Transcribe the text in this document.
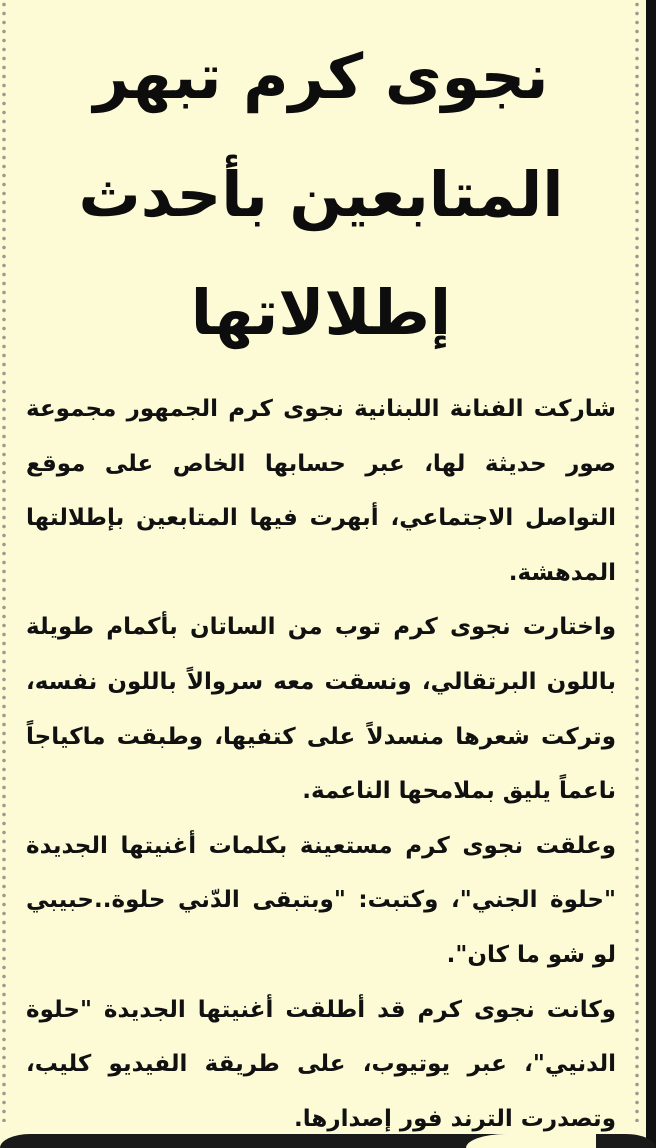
نجوى كرم تبهر المتابعين بأحدث إطلالاتها

شاركت الفنانة اللبنانية نجوى كرم الجمهور مجموعة صور حديثة لها، عبر حسابها الخاص على موقع التواصل الاجتماعي، أبهرت فيها المتابعين بإطلالتها المدهشة.

واختارت نجوى كرم توب من الساتان بأكمام طويلة باللون البرتقالي، ونسقت معه سروالاً باللون نفسه، وتركت شعرها منسدلاً على كتفيها، وطبقت ماكياجاً ناعماً يليق بملامحها الناعمة.

وعلقت نجوى كرم مستعينة بكلمات أغنيتها الجديدة "حلوة الجني"، وكتبت: "وبتبقى الدّني حلوة..حبيبي لو شو ما كان".

وكانت نجوى كرم قد أطلقت أغنيتها الجديدة "حلوة الدنيي"، عبر يوتيوب، على طريقة الفيديو كليب، وتصدرت الترند فور إصدارها.
